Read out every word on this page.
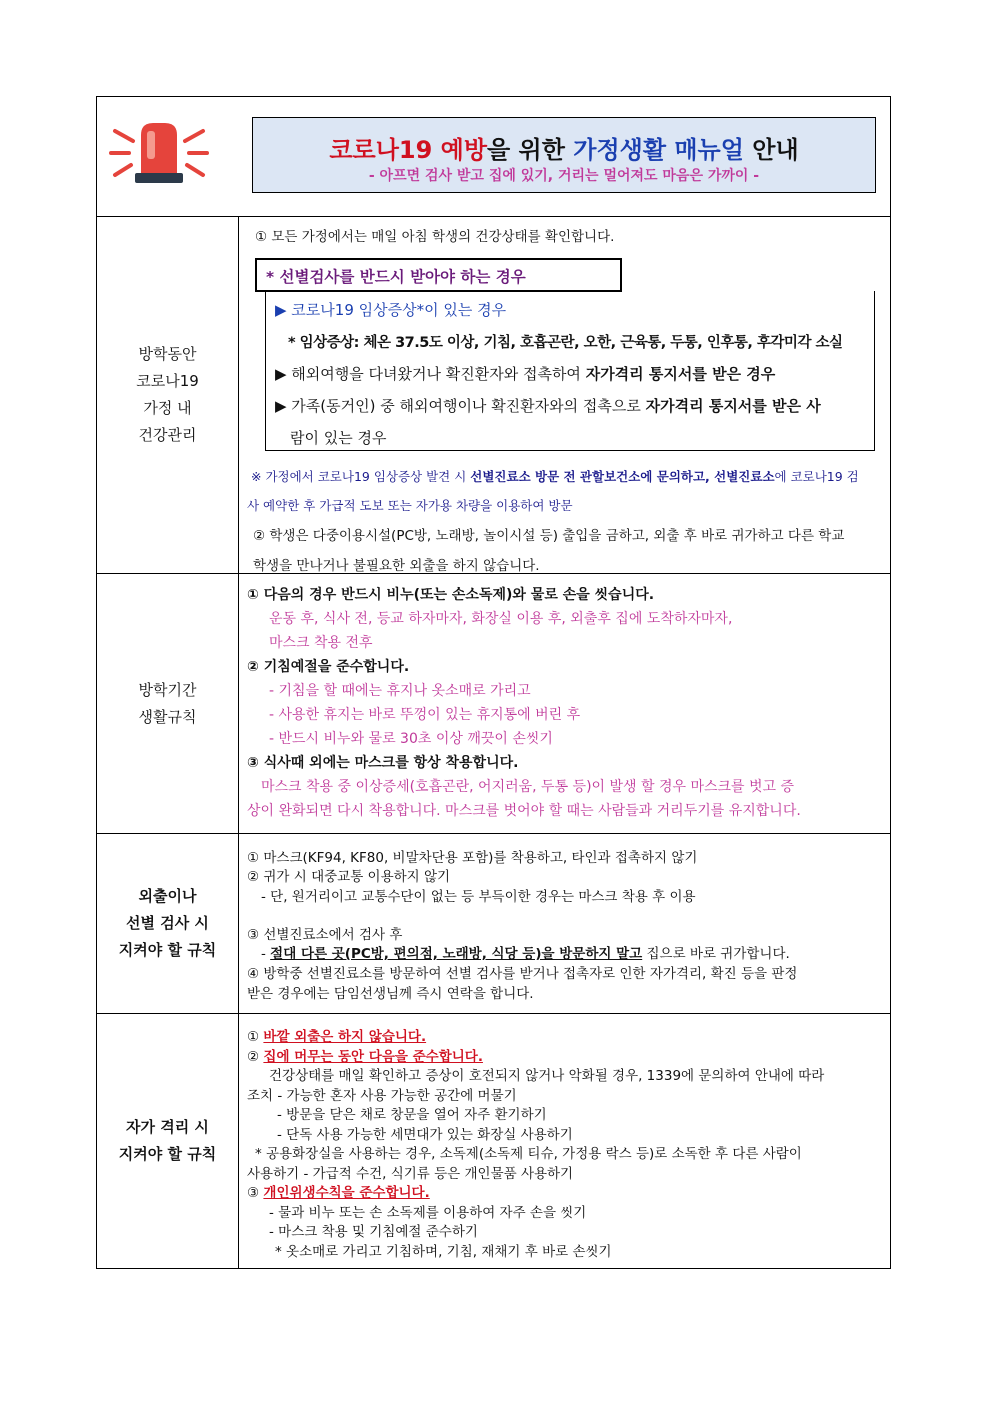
코로나19 예방을 위한 가정생활 매뉴얼 안내
- 아프면 검사 받고 집에 있기, 거리는 멀어져도 마음은 가까이 -
방학동안
코로나19
가정 내
건강관리
① 모든 가정에서는 매일 아침 학생의 건강상태를 확인합니다.
* 선별검사를 반드시 받아야 하는 경우
▶ 코로나19 임상증상*이 있는 경우
* 임상증상: 체온 37.5도 이상, 기침, 호흡곤란, 오한, 근육통, 두통, 인후통, 후각미각 소실
▶ 해외여행을 다녀왔거나 확진환자와 접촉하여 자가격리 통지서를 받은 경우
▶ 가족(동거인) 중 해외여행이나 확진환자와의 접촉으로 자가격리 통지서를 받은 사
람이 있는 경우
※ 가정에서 코로나19 임상증상 발견 시 선별진료소 방문 전 관할보건소에 문의하고, 선별진료소에 코로나19 검
사 예약한 후 가급적 도보 또는 자가용 차량을 이용하여 방문
② 학생은 다중이용시설(PC방, 노래방, 놀이시설 등) 출입을 금하고, 외출 후 바로 귀가하고 다른 학교
학생을 만나거나 불필요한 외출을 하지 않습니다.
방학기간
생활규칙
① 다음의 경우 반드시 비누(또는 손소독제)와 물로 손을 씻습니다.
운동 후, 식사 전, 등교 하자마자, 화장실 이용 후, 외출후 집에 도착하자마자,
마스크 착용 전후
② 기침예절을 준수합니다.
- 기침을 할 때에는 휴지나 옷소매로 가리고
- 사용한 휴지는 바로 뚜껑이 있는 휴지통에 버린 후
- 반드시 비누와 물로 30초 이상 깨끗이 손씻기
③ 식사때 외에는 마스크를 항상 착용합니다.
마스크 착용 중 이상증세(호흡곤란, 어지러움, 두통 등)이 발생 할 경우 마스크를 벗고 증
상이 완화되면 다시 착용합니다. 마스크를 벗어야 할 때는 사람들과 거리두기를 유지합니다.
외출이나
선별 검사 시
지켜야 할 규칙
① 마스크(KF94, KF80, 비말차단용 포함)를 착용하고, 타인과 접촉하지 않기
② 귀가 시 대중교통 이용하지 않기
- 단, 원거리이고 교통수단이 없는 등 부득이한 경우는 마스크 착용 후 이용
③ 선별진료소에서 검사 후
- 절대 다른 곳(PC방, 편의점, 노래방, 식당 등)을 방문하지 말고 집으로 바로 귀가합니다.
④ 방학중 선별진료소를 방문하여 선별 검사를 받거나 접촉자로 인한 자가격리, 확진 등을 판정
받은 경우에는 담임선생님께 즉시 연락을 합니다.
자가 격리 시
지켜야 할 규칙
① 바깥 외출은 하지 않습니다.
② 집에 머무는 동안 다음을 준수합니다.
건강상태를 매일 확인하고 증상이 호전되지 않거나 악화될 경우, 1339에 문의하여 안내에 따라
조치 - 가능한 혼자 사용 가능한 공간에 머물기
- 방문을 닫은 채로 창문을 열어 자주 환기하기
- 단독 사용 가능한 세면대가 있는 화장실 사용하기
* 공용화장실을 사용하는 경우, 소독제(소독제 티슈, 가정용 락스 등)로 소독한 후 다른 사람이
사용하기 - 가급적 수건, 식기류 등은 개인물품 사용하기
③ 개인위생수칙을 준수합니다.
- 물과 비누 또는 손 소독제를 이용하여 자주 손을 씻기
- 마스크 착용 및 기침예절 준수하기
* 옷소매로 가리고 기침하며, 기침, 재채기 후 바로 손씻기
